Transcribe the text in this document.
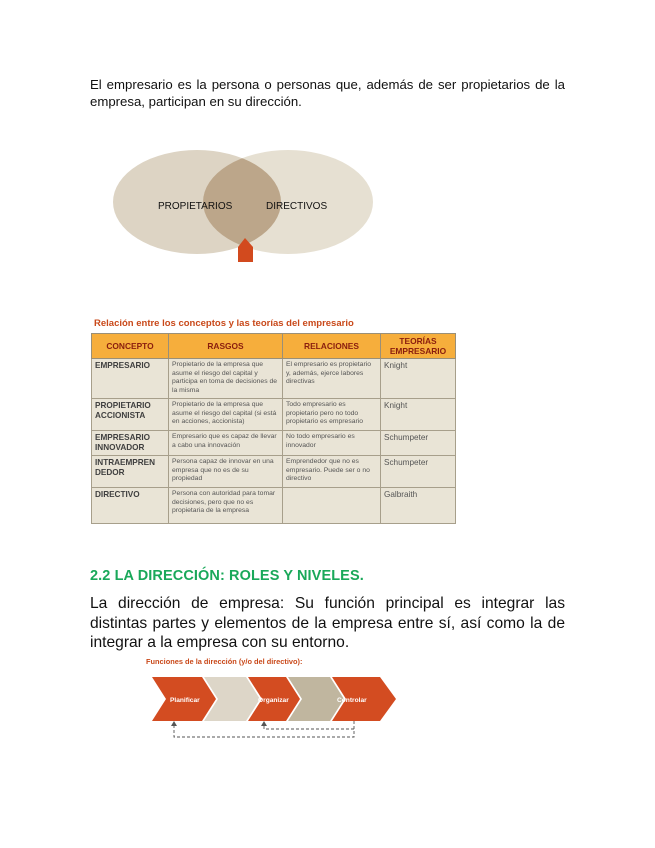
El empresario es la persona o personas que, además de ser propietarios de la empresa, participan en su dirección.

PROPIETARIOS	DIRECTIVOS

Relación entre los conceptos y las teorías del empresario

CONCEPTO	RASGOS	RELACIONES	TEORÍAS EMPRESARIO
EMPRESARIO	Propietario de la empresa que asume el riesgo del capital y participa en toma de decisiones de la misma	El empresario es propietario y, además, ejerce labores directivas	Knight
PROPIETARIO ACCIONISTA	Propietario de la empresa que asume el riesgo del capital (si está en acciones, accionista)	Todo empresario es propietario pero no todo propietario es empresario	Knight
EMPRESARIO INNOVADOR	Empresario que es capaz de llevar a cabo una innovación	No todo empresario es innovador	Schumpeter
INTRAEMPREN DEDOR	Persona capaz de innovar en una empresa que no es de su propiedad	Emprendedor que no es empresario. Puede ser o no directivo	Schumpeter
DIRECTIVO	Persona con autoridad para tomar decisiones, pero que no es propietaria de la empresa		Galbraith
2.2 LA DIRECCIÓN: ROLES Y NIVELES.

La dirección de empresa: Su función principal es integrar las distintas partes y elementos de la empresa entre sí, así como la de integrar a la empresa con su entorno.

Funciones de la dirección (y/o del directivo):

Planificar	Organizar	Controlar
